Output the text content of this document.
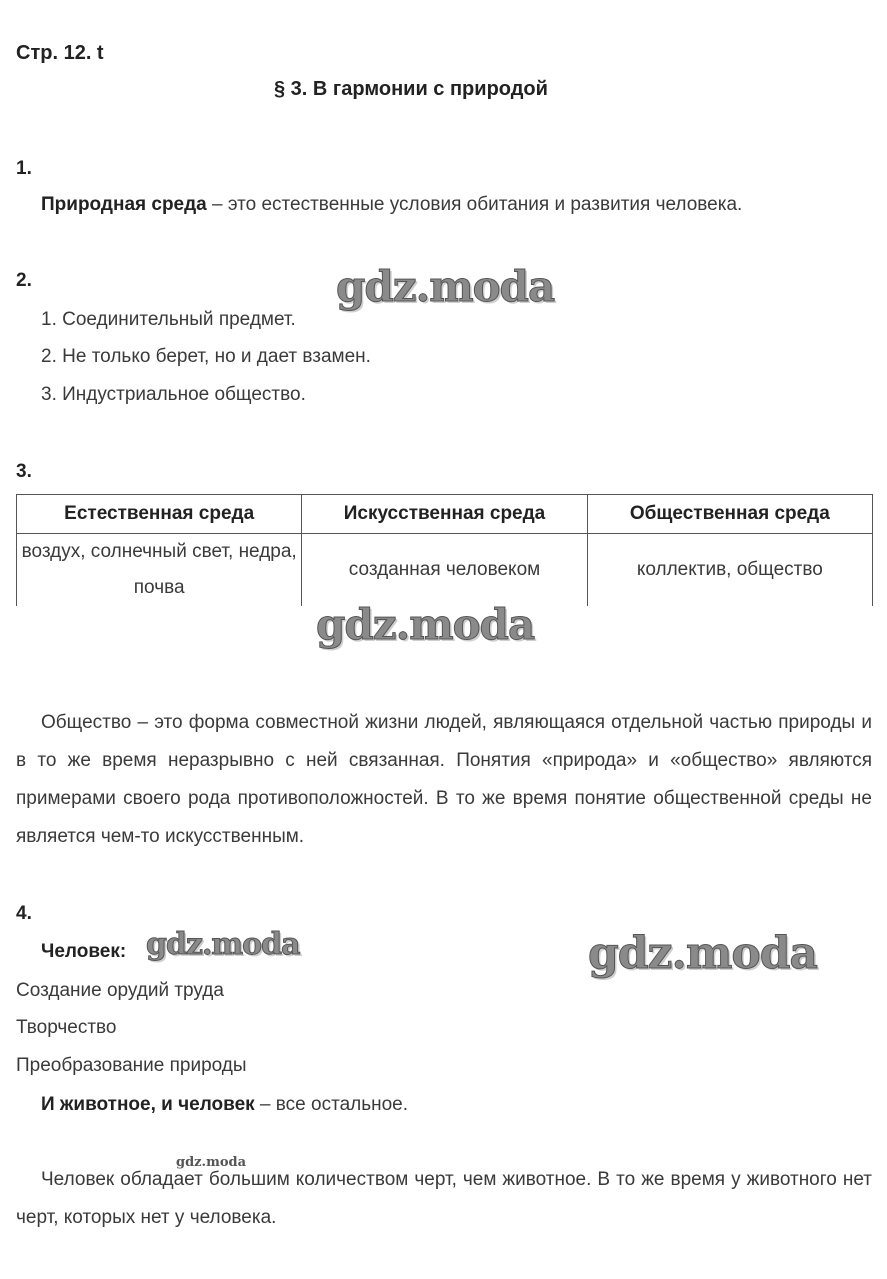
Стр. 12. t
§ 3. В гармонии с природой
1.
Природная среда – это естественные условия обитания и развития человека.
2.
1. Соединительный предмет.
2. Не только берет, но и дает взамен.
3. Индустриальное общество.
3.
Естественная среда	Искусственная среда	Общественная среда
воздух, солнечный свет, недра, почва	созданная человеком	коллектив, общество
Общество – это форма совместной жизни людей, являющаяся отдельной частью природы и в то же время неразрывно с ней связанная. Понятия «природа» и «общество» являются примерами своего рода противоположностей. В то же время понятие общественной среды не является чем-то искусственным.
4.
Человек:
Создание орудий труда
Творчество
Преобразование природы
И животное, и человек – все остальное.
Человек обладает большим количеством черт, чем животное. В то же время у животного нет черт, которых нет у человека.
gdz.moda
gdz.moda
gdz.moda	gdz.moda
gdz.moda
